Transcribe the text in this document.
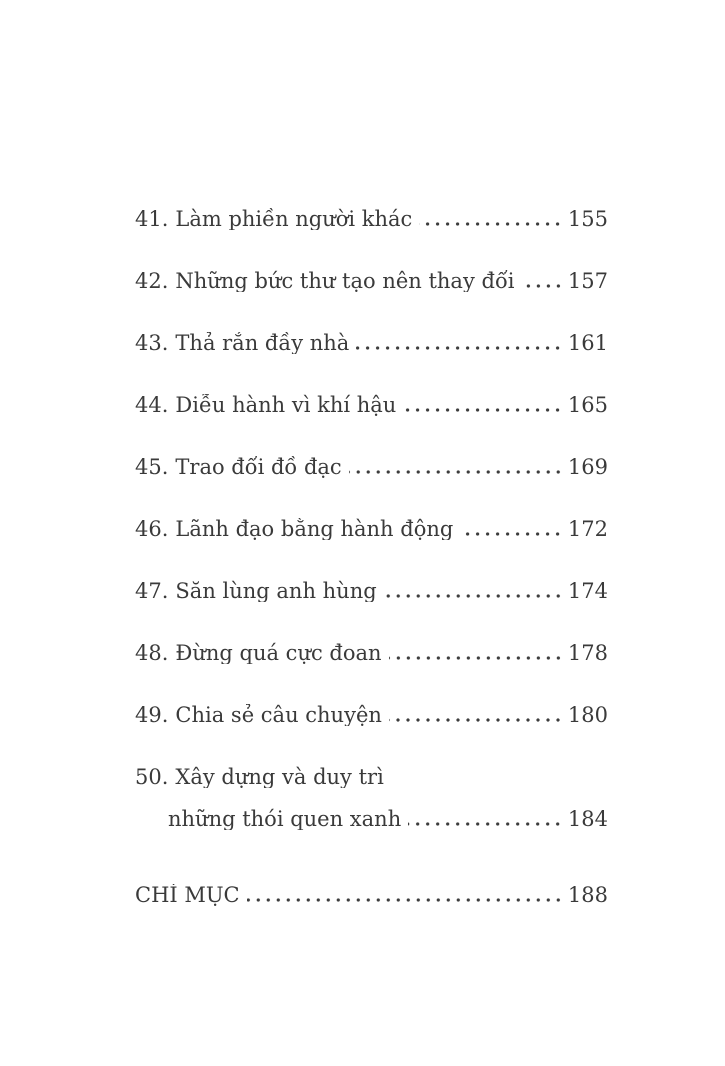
41. Làm phiền người khác	155
42. Những bức thư tạo nên thay đổi	157
43. Thả rắn đầy nhà	161
44. Diễu hành vì khí hậu	165
45. Trao đổi đồ đạc	169
46. Lãnh đạo bằng hành động	172
47. Săn lùng anh hùng	174
48. Đừng quá cực đoan	178
49. Chia sẻ câu chuyện	180
50. Xây dựng và duy trì
những thói quen xanh	184
CHỈ MỤC	188
